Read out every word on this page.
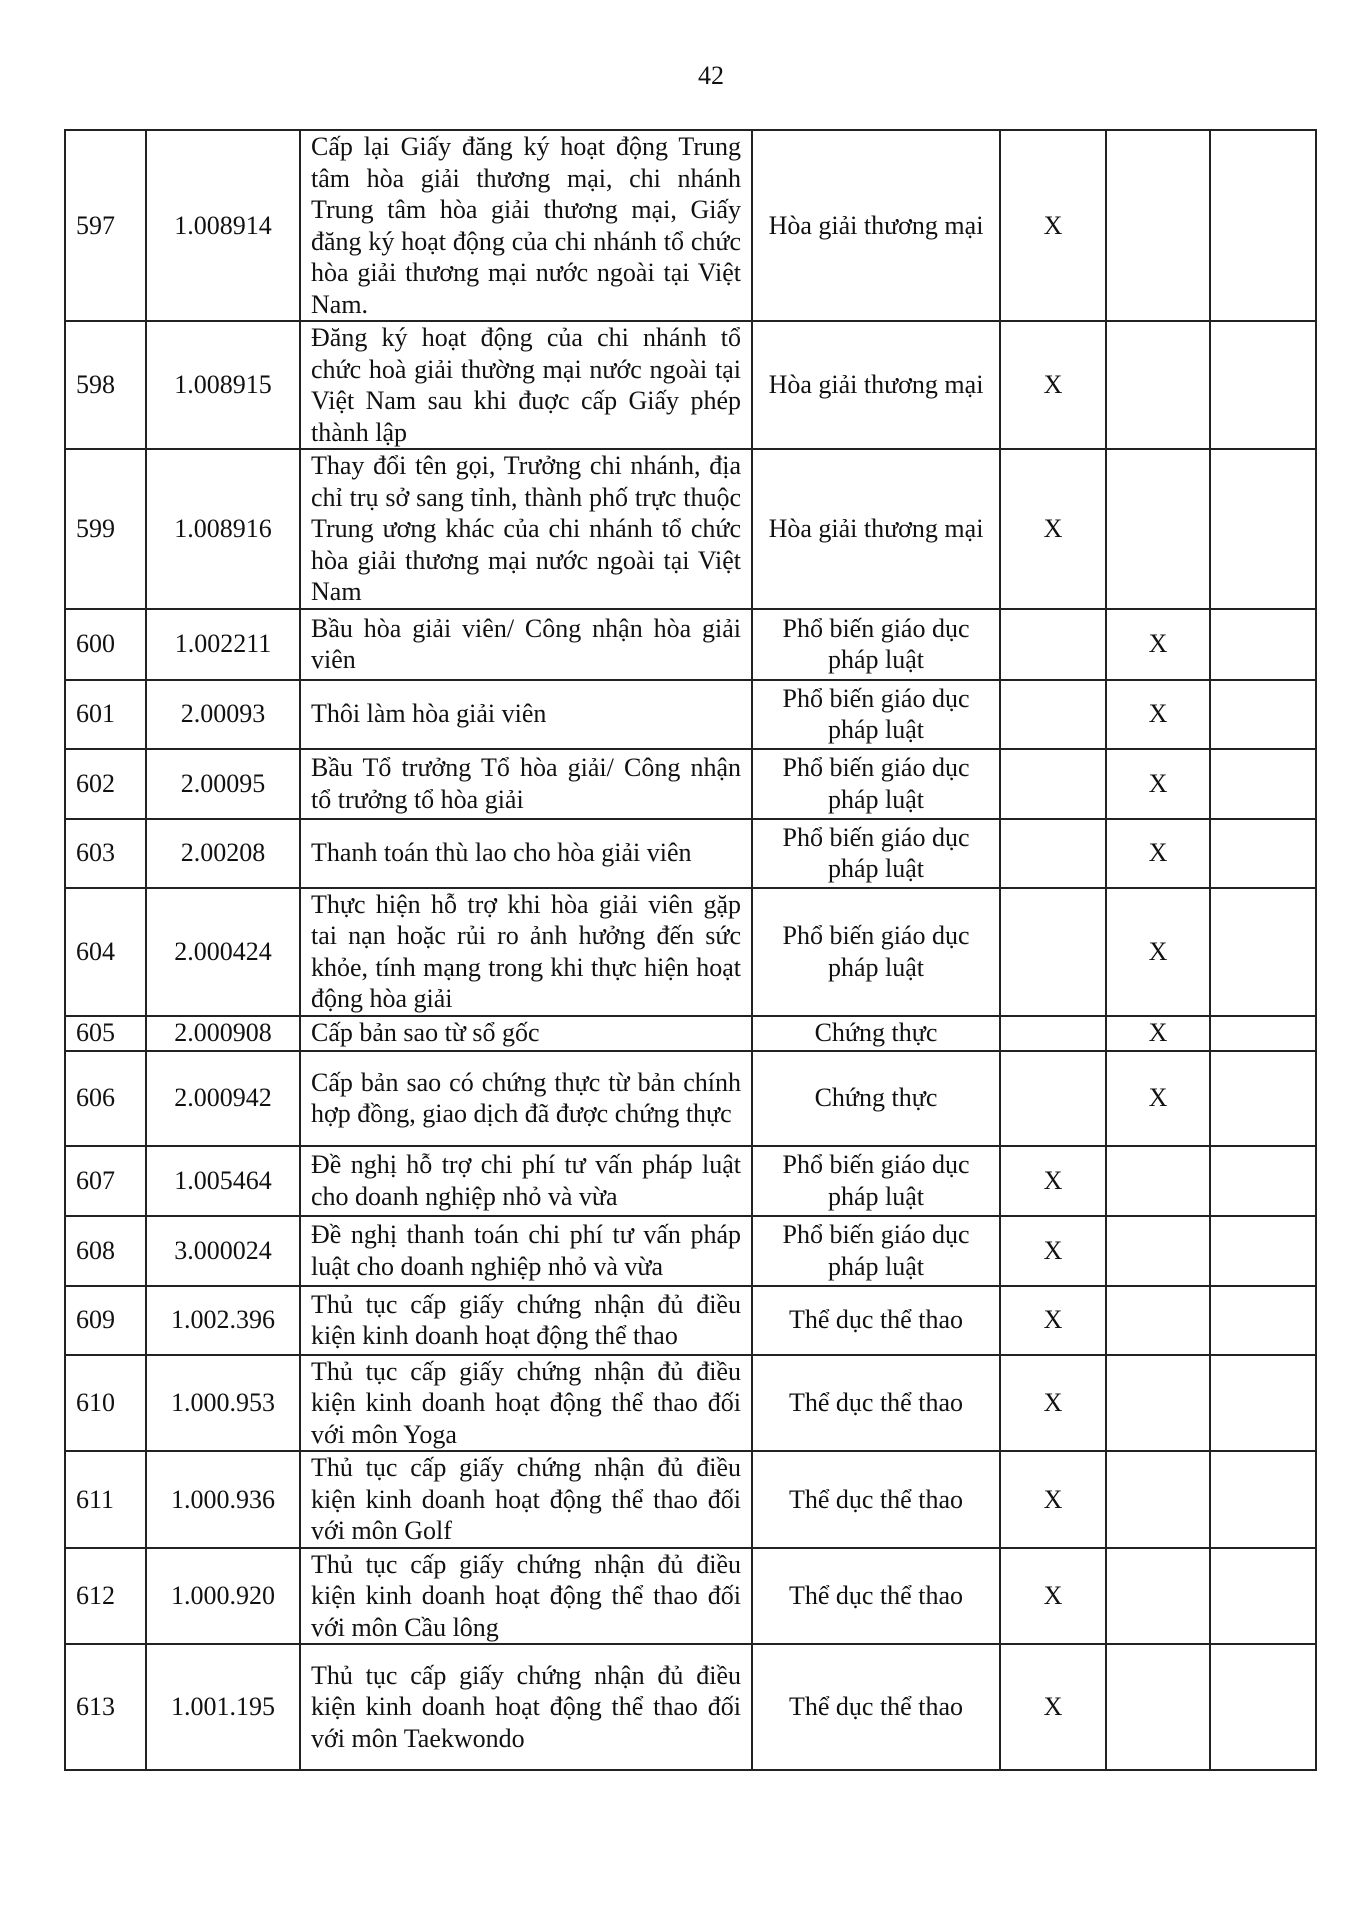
42
597	1.008914	Cấp lại Giấy đăng ký hoạt động Trung tâm hòa giải thương mại, chi nhánh Trung tâm hòa giải thương mại, Giấy đăng ký hoạt động của chi nhánh tổ chức hòa giải thương mại nước ngoài tại Việt Nam.	Hòa giải thương mại	X		
598	1.008915	Đăng ký hoạt động của chi nhánh tổ chức hoà giải thường mại nước ngoài tại Việt Nam sau khi đuợc cấp Giấy phép thành lập	Hòa giải thương mại	X		
599	1.008916	Thay đổi tên gọi, Trưởng chi nhánh, địa chỉ trụ sở sang tỉnh, thành phố trực thuộc Trung ương khác của chi nhánh tổ chức hòa giải thương mại nước ngoài tại Việt Nam	Hòa giải thương mại	X		
600	1.002211	Bầu hòa giải viên/ Công nhận hòa giải viên	Phổ biến giáo dục pháp luật		X	
601	2.00093	Thôi làm hòa giải viên	Phổ biến giáo dục pháp luật		X	
602	2.00095	Bầu Tổ trưởng Tổ hòa giải/ Công nhận tổ trưởng tổ hòa giải	Phổ biến giáo dục pháp luật		X	
603	2.00208	Thanh toán thù lao cho hòa giải viên	Phổ biến giáo dục pháp luật		X	
604	2.000424	Thực hiện hỗ trợ khi hòa giải viên gặp tai nạn hoặc rủi ro ảnh hưởng đến sức khỏe, tính mạng trong khi thực hiện hoạt động hòa giải	Phổ biến giáo dục pháp luật		X	
605	2.000908	Cấp bản sao từ sổ gốc	Chứng thực		X	
606	2.000942	Cấp bản sao có chứng thực từ bản chính hợp đồng, giao dịch đã được chứng thực	Chứng thực		X	
607	1.005464	Đề nghị hỗ trợ chi phí tư vấn pháp luật cho doanh nghiệp nhỏ và vừa	Phổ biến giáo dục pháp luật	X		
608	3.000024	Đề nghị thanh toán chi phí tư vấn pháp luật cho doanh nghiệp nhỏ và vừa	Phổ biến giáo dục pháp luật	X		
609	1.002.396	Thủ tục cấp giấy chứng nhận đủ điều kiện kinh doanh hoạt động thể thao	Thể dục thể thao	X		
610	1.000.953	Thủ tục cấp giấy chứng nhận đủ điều kiện kinh doanh hoạt động thể thao đối với môn Yoga	Thể dục thể thao	X		
611	1.000.936	Thủ tục cấp giấy chứng nhận đủ điều kiện kinh doanh hoạt động thể thao đối với môn Golf	Thể dục thể thao	X		
612	1.000.920	Thủ tục cấp giấy chứng nhận đủ điều kiện kinh doanh hoạt động thể thao đối với môn Cầu lông	Thể dục thể thao	X		
613	1.001.195	Thủ tục cấp giấy chứng nhận đủ điều kiện kinh doanh hoạt động thể thao đối với môn Taekwondo	Thể dục thể thao	X		
